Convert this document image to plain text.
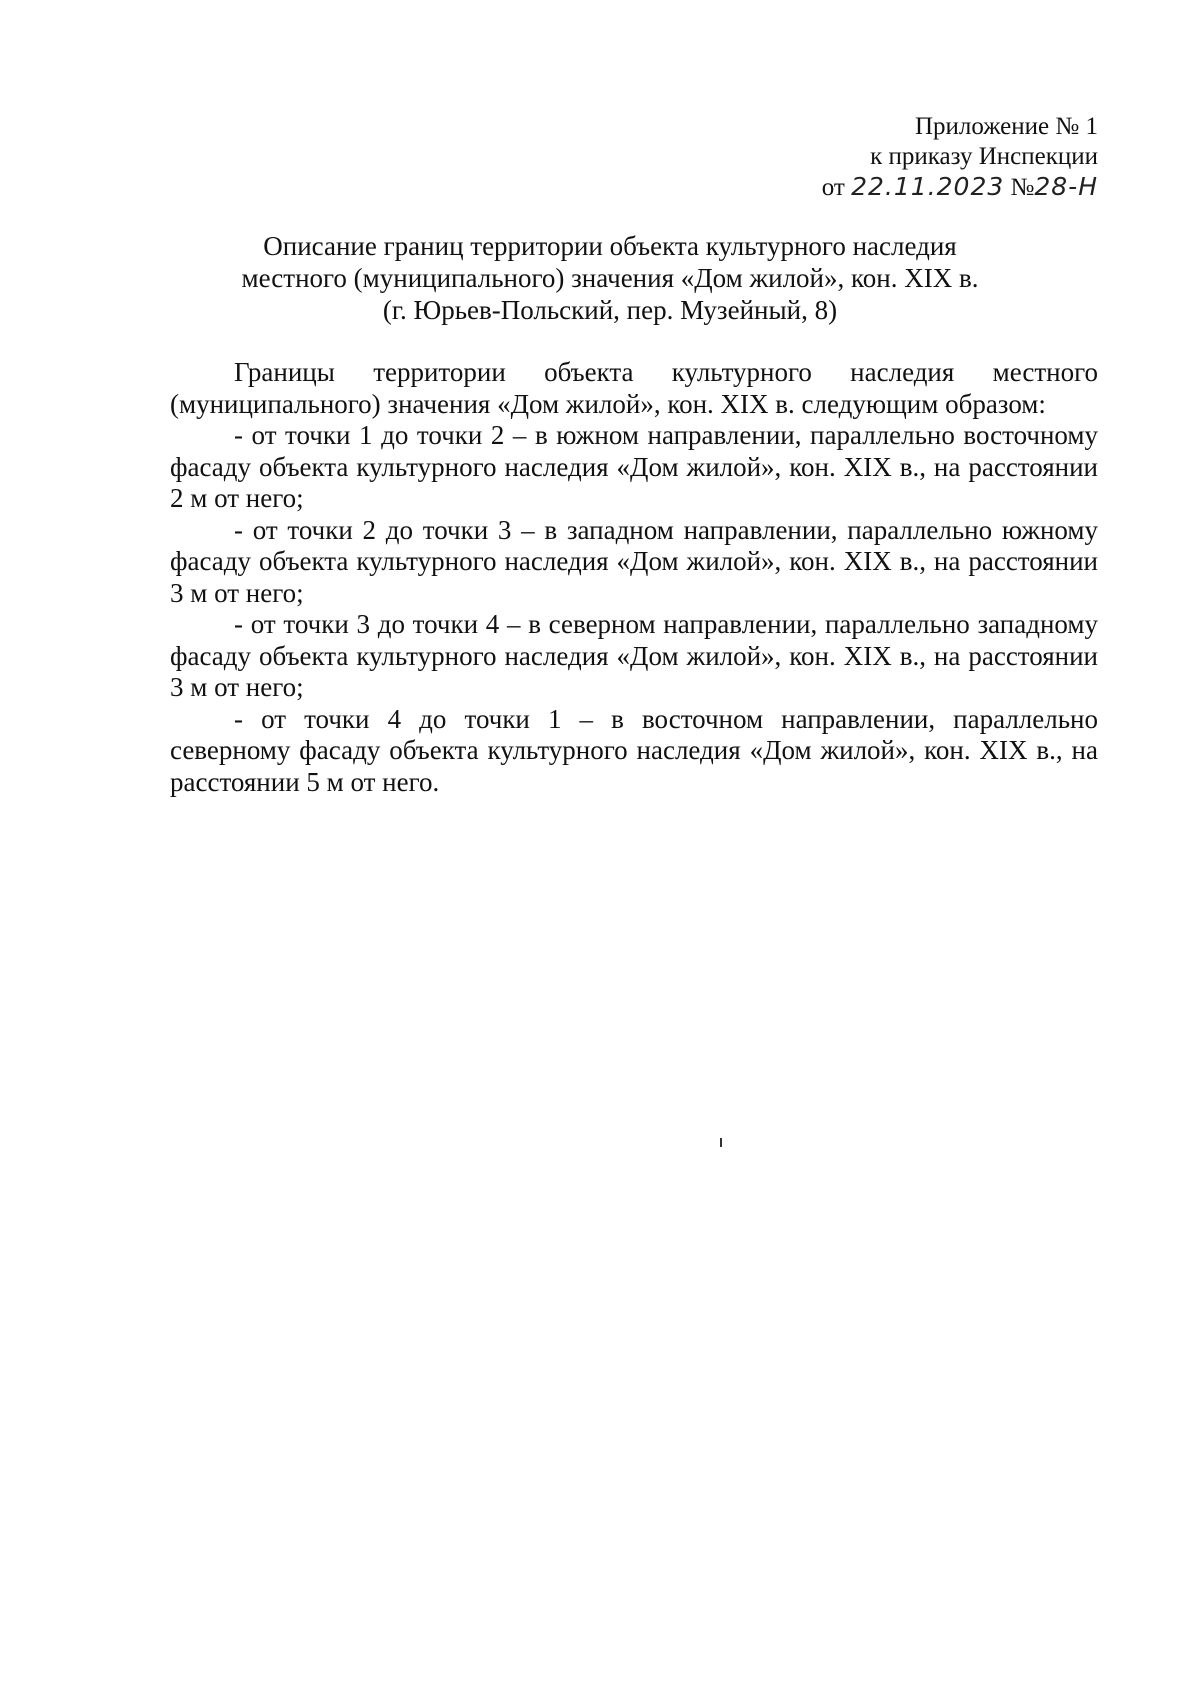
Приложение № 1
к приказу Инспекции
от 22.11.2023 №28-Н
Описание границ территории объекта культурного наследия
местного (муниципального) значения «Дом жилой», кон. XIX в.
(г. Юрьев-Польский, пер. Музейный, 8)

Границы территории объекта культурного наследия местного (муниципального) значения «Дом жилой», кон. XIX в. следующим образом:

- от точки 1 до точки 2 – в южном направлении, параллельно восточному фасаду объекта культурного наследия «Дом жилой», кон. XIX в., на расстоянии 2 м от него;

- от точки 2 до точки 3 – в западном направлении, параллельно южному фасаду объекта культурного наследия «Дом жилой», кон. XIX в., на расстоянии 3 м от него;

- от точки 3 до точки 4 – в северном направлении, параллельно западному фасаду объекта культурного наследия «Дом жилой», кон. XIX в., на расстоянии 3 м от него;

- от точки 4 до точки 1 – в восточном направлении, параллельно северному фасаду объекта культурного наследия «Дом жилой», кон. XIX в., на расстоянии 5 м от него.
